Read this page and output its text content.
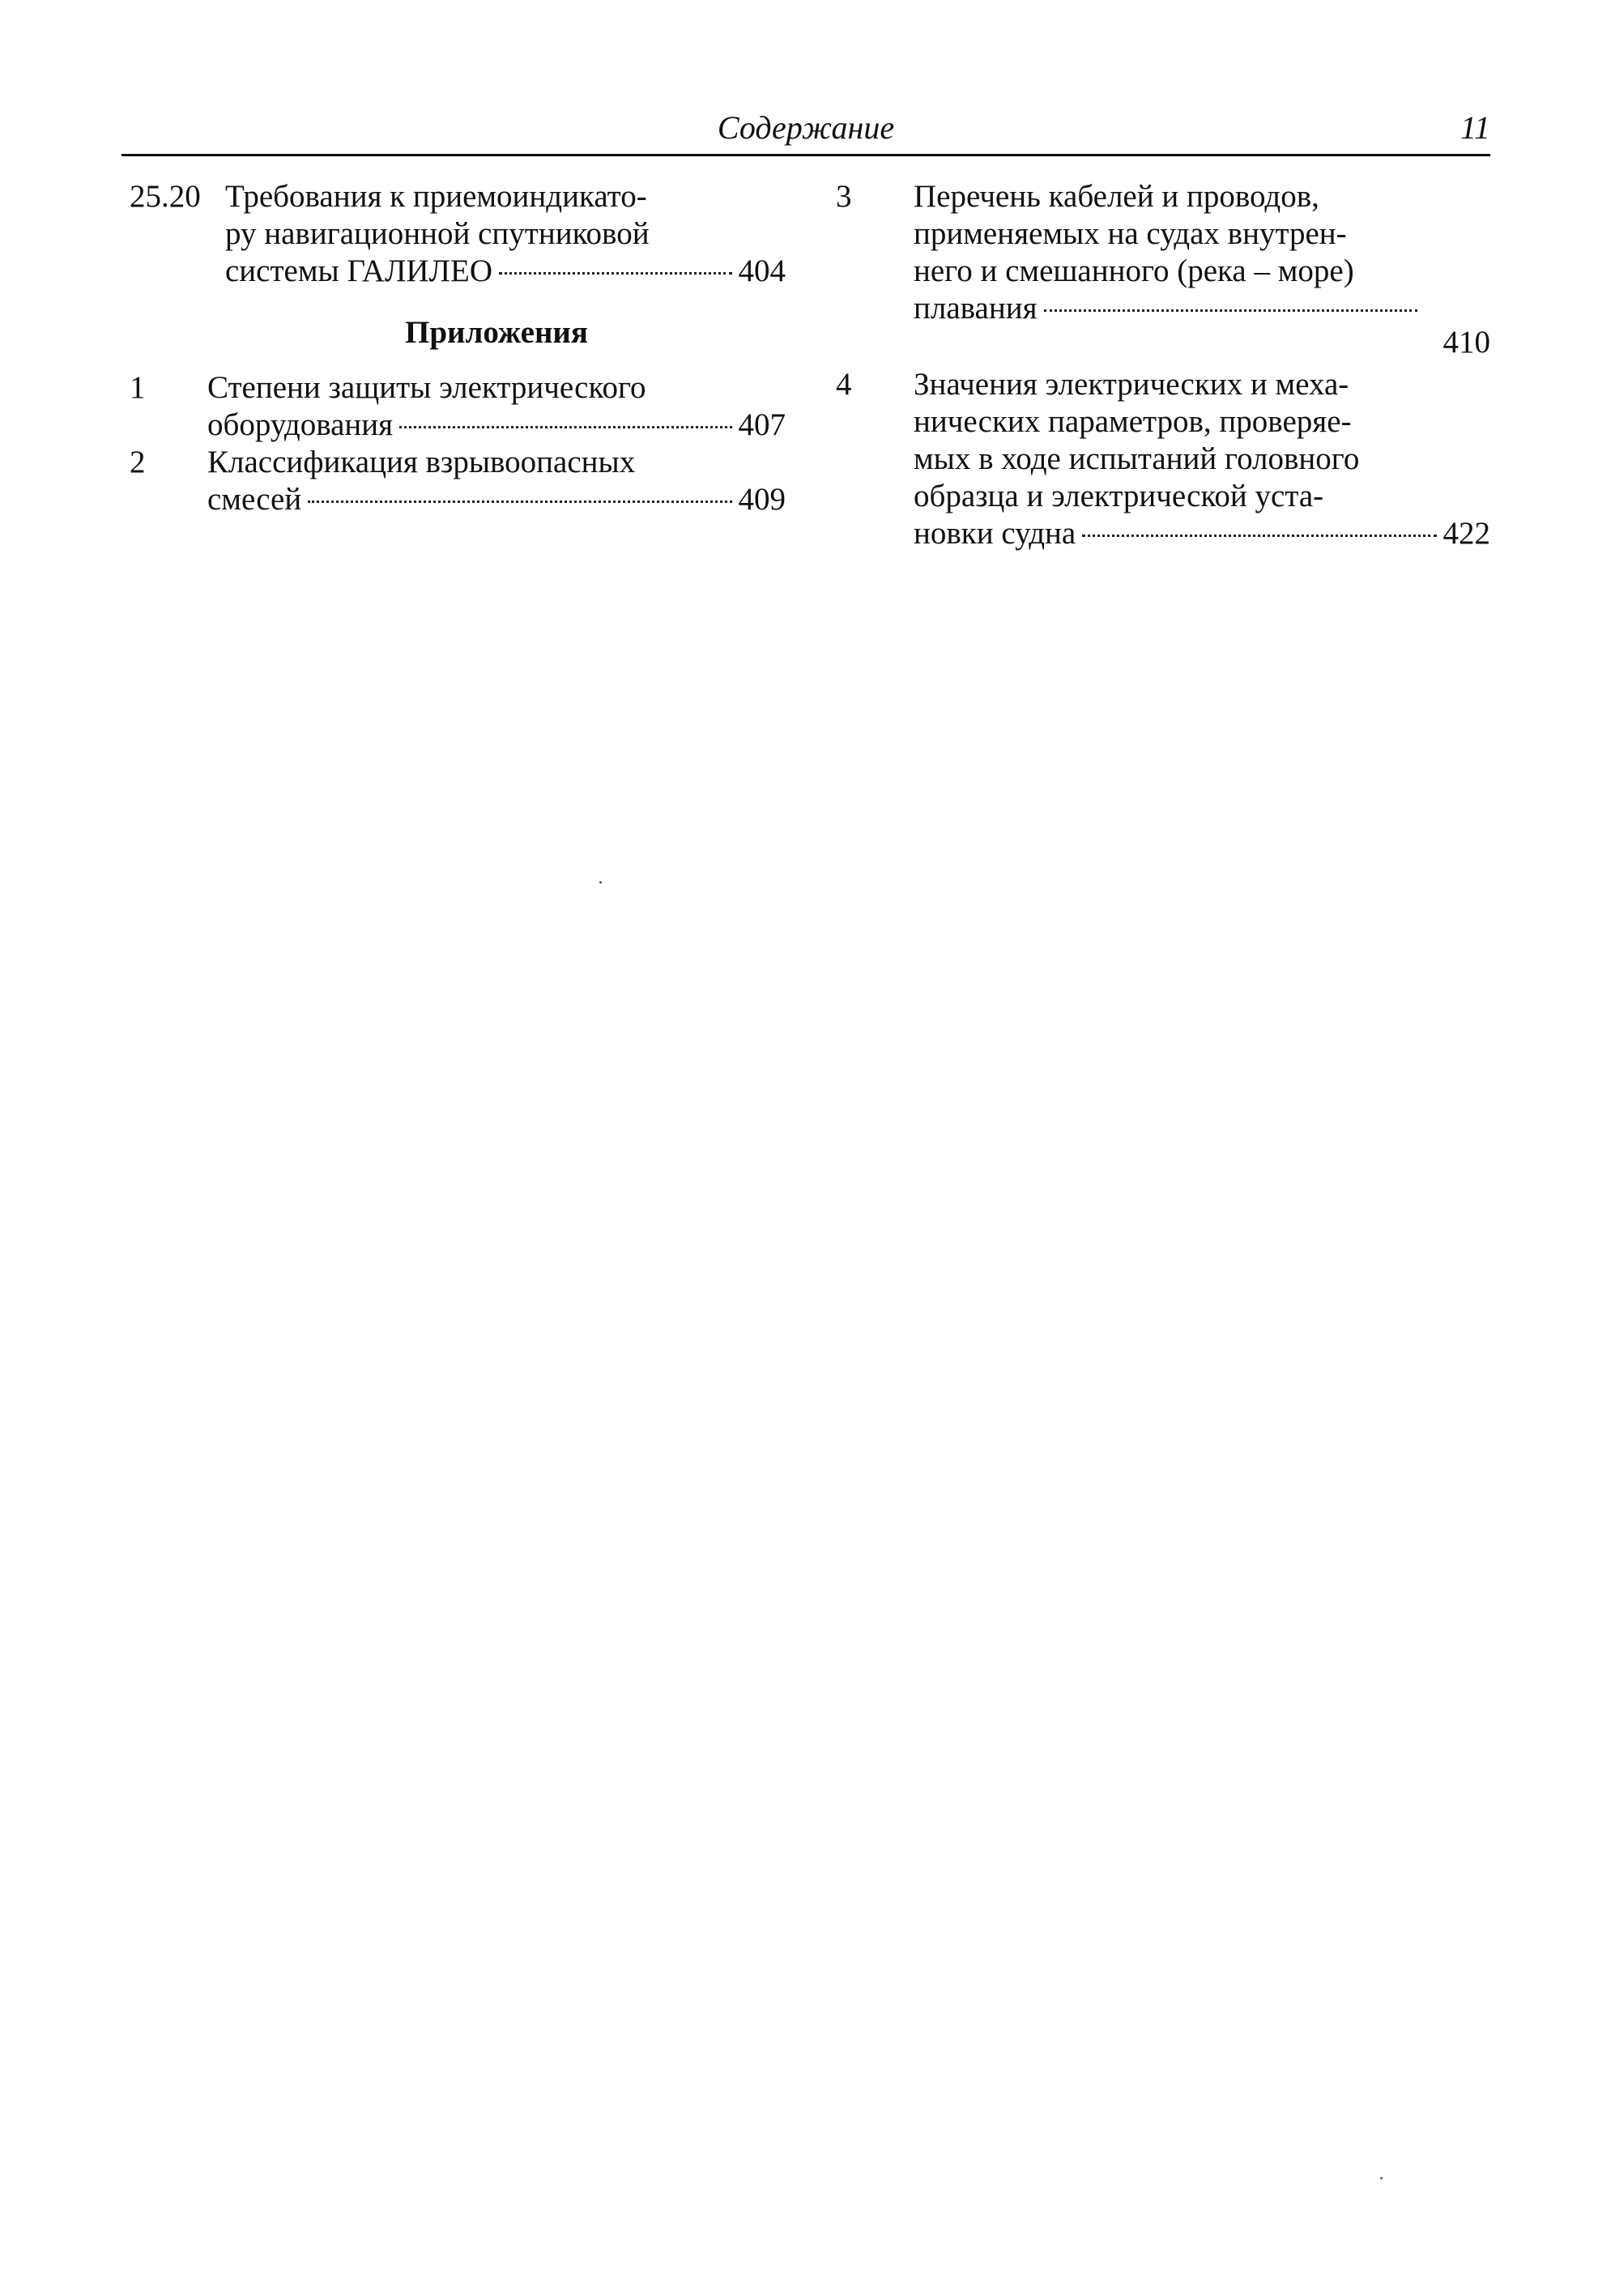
Содержание	11
25.20 Требования к приемоиндикато-
ру навигационной спутниковой
системы ГАЛИЛЕО	404
Приложения
1 Степени защиты электрического
оборудования	407
2 Классификация взрывоопасных
смесей	409
3 Перечень кабелей и проводов,
применяемых на судах внутрен-
него и смешанного (река – море)
плавания
410
4 Значения электрических и меха-
нических параметров, проверяе-
мых в ходе испытаний головного
образца и электрической уста-
новки судна	422
